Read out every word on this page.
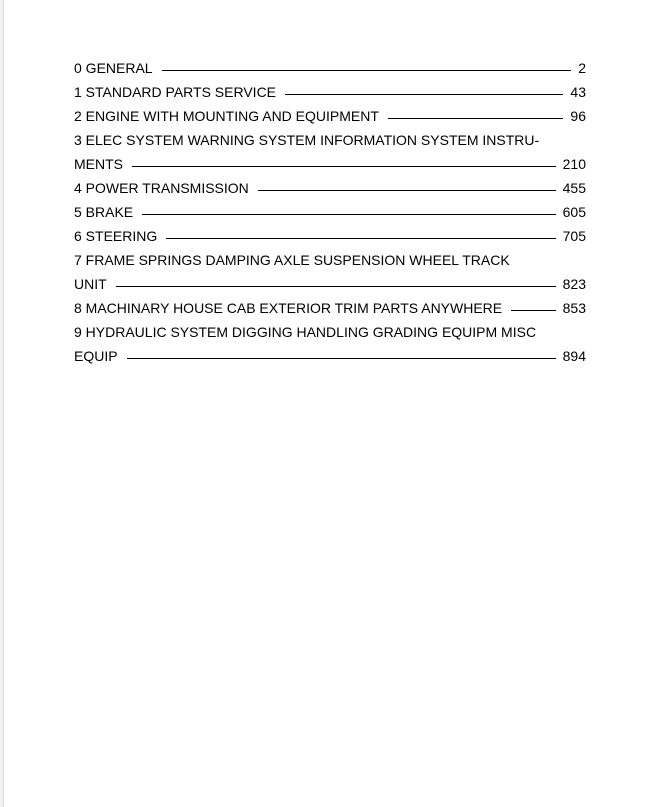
0 GENERAL	2
1 STANDARD PARTS SERVICE	43
2 ENGINE WITH MOUNTING AND EQUIPMENT	96
3 ELEC SYSTEM WARNING SYSTEM INFORMATION SYSTEM INSTRU-
MENTS	210
4 POWER TRANSMISSION	455
5 BRAKE	605
6 STEERING	705
7 FRAME SPRINGS DAMPING AXLE SUSPENSION WHEEL TRACK
UNIT	823
8 MACHINARY HOUSE CAB EXTERIOR TRIM PARTS ANYWHERE	853
9 HYDRAULIC SYSTEM DIGGING HANDLING GRADING EQUIPM MISC
EQUIP	894
